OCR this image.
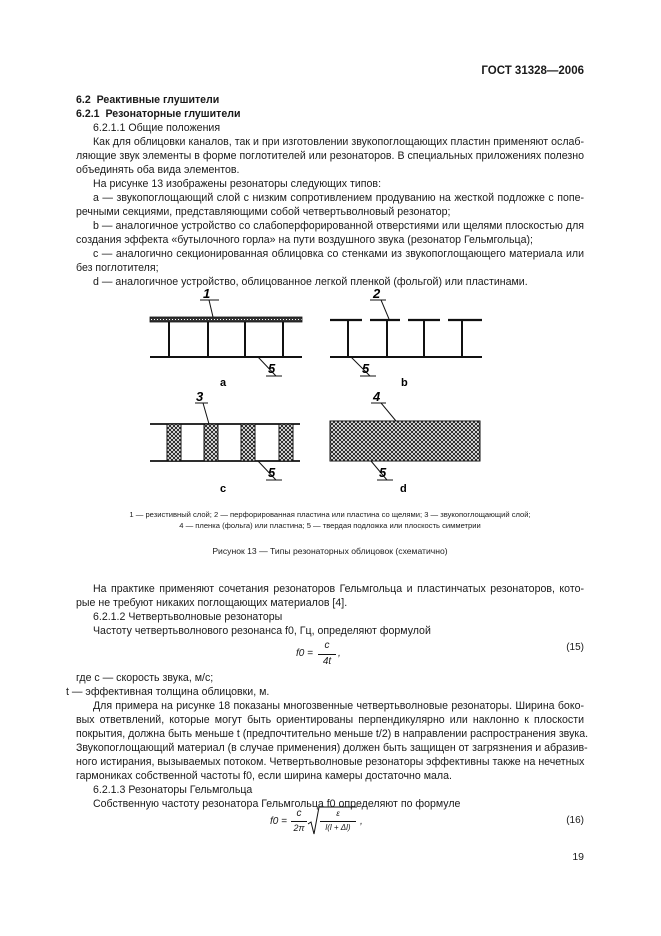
ГОСТ 31328—2006
6.2 Реактивные глушители
6.2.1 Резонаторные глушители
6.2.1.1 Общие положения
Как для облицовки каналов, так и при изготовлении звукопоглощающих пластин применяют ослаб-
ляющие звук элементы в форме поглотителей или резонаторов. В специальных приложениях полезно
объединять оба вида элементов.
На рисунке 13 изображены резонаторы следующих типов:
a — звукопоглощающий слой с низким сопротивлением продуванию на жесткой подложке с попе-
речными секциями, представляющими собой четвертьволновый резонатор;
b — аналогичное устройство со слабоперфорированной отверстиями или щелями плоскостью для
создания эффекта «бутылочного горла» на пути воздушного звука (резонатор Гельмгольца);
c — аналогично секционированная облицовка со стенками из звукопоглощающего материала или
без поглотителя;
d — аналогичное устройство, облицованное легкой пленкой (фольгой) или пластинами.
1
5
a
2
5
b
3
5
c
4
5
d
1 — резистивный слой; 2 — перфорированная пластина или пластина со щелями; 3 — звукопоглощающий слой;
4 — пленка (фольга) или пластина; 5 — твердая подложка или плоскость симметрии
Рисунок 13 — Типы резонаторных облицовок (схематично)
На практике применяют сочетания резонаторов Гельмгольца и пластинчатых резонаторов, кото-
рые не требуют никаких поглощающих материалов [4].
6.2.1.2 Четвертьволновые резонаторы
Частоту четвертьволнового резонанса f0, Гц, определяют формулой
f0 =
c
4t
,
(15)
где c — скорость звука, м/с;
t — эффективная толщина облицовки, м.
Для примера на рисунке 18 показаны многозвенные четвертьволновые резонаторы. Ширина боко-
вых ответвлений, которые могут быть ориентированы перпендикулярно или наклонно к плоскости
покрытия, должна быть меньше t (предпочтительно меньше t/2) в направлении распространения звука.
Звукопоглощающий материал (в случае применения) должен быть защищен от загрязнения и абразив-
ного истирания, вызываемых потоком. Четвертьволновые резонаторы эффективны также на нечетных
гармониках собственной частоты f0, если ширина камеры достаточно мала.
6.2.1.3 Резонаторы Гельмгольца
Собственную частоту резонатора Гельмгольца f0 определяют по формуле
f0 =
c
2π
ε
l(l + Δl)
,	(16)
19
